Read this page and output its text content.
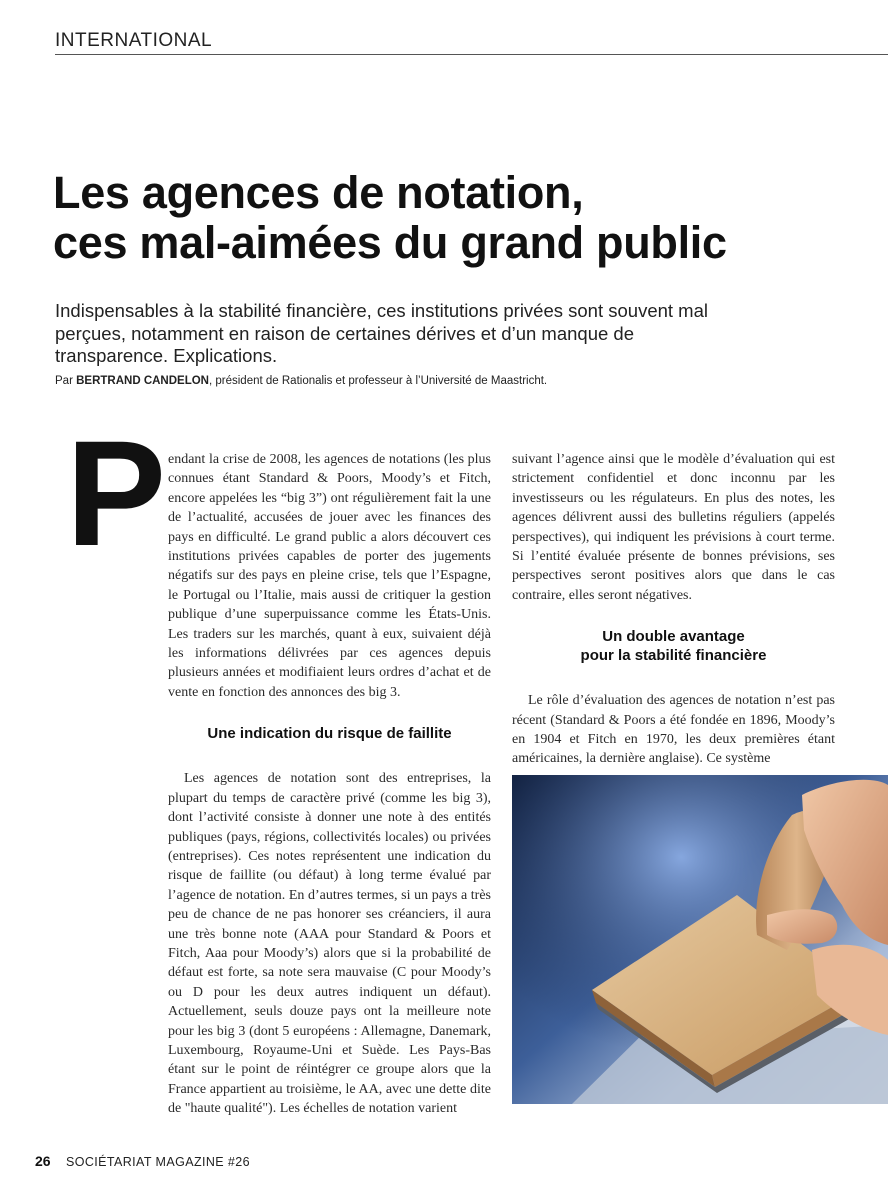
INTERNATIONAL
Les agences de notation,
ces mal-aimées du grand public

Indispensables à la stabilité financière, ces institutions privées sont souvent mal perçues, notamment en raison de certaines dérives et d’un manque de transparence. Explications.

Par BERTRAND CANDELON, président de Rationalis et professeur à l’Université de Maastricht.
P endant la crise de 2008, les agences de notations (les plus connues étant Standard & Poors, Moody’s et Fitch, encore appelées les “big 3”) ont régulièrement fait la une de l’actualité, accusées de jouer avec les finances des pays en difficulté. Le grand public a alors découvert ces institutions privées capables de porter des jugements négatifs sur des pays en pleine crise, tels que l’Espagne, le Portugal ou l’Italie, mais aussi de critiquer la gestion publique d’une superpuissance comme les États-Unis. Les traders sur les marchés, quant à eux, suivaient déjà les informations délivrées par ces agences depuis plusieurs années et modifiaient leurs ordres d’achat et de vente en fonction des annonces des big 3.

Une indication du risque de faillite

Les agences de notation sont des entreprises, la plupart du temps de caractère privé (comme les big 3), dont l’activité consiste à donner une note à des entités publiques (pays, régions, collectivités locales) ou privées (entreprises). Ces notes représentent une indication du risque de faillite (ou défaut) à long terme évalué par l’agence de notation. En d’autres termes, si un pays a très peu de chance de ne pas honorer ses créanciers, il aura une très bonne note (AAA pour Standard & Poors et Fitch, Aaa pour Moody’s) alors que si la probabilité de défaut est forte, sa note sera mauvaise (C pour Moody’s ou D pour les deux autres indiquent un défaut). Actuellement, seuls douze pays ont la meilleure note pour les big 3 (dont 5 européens : Allemagne, Danemark, Luxembourg, Royaume-Uni et Suède. Les Pays-Bas étant sur le point de réintégrer ce groupe alors que la France appartient au troisième, le AA, avec une dette dite de "haute qualité"). Les échelles de notation varient

suivant l’agence ainsi que le modèle d’évaluation qui est strictement confidentiel et donc inconnu par les investisseurs ou les régulateurs. En plus des notes, les agences délivrent aussi des bulletins réguliers (appelés perspectives), qui indiquent les prévisions à court terme. Si l’entité évaluée présente de bonnes prévisions, ses perspectives seront positives alors que dans le cas contraire, elles seront négatives.

Un double avantage
pour la stabilité financière

Le rôle d’évaluation des agences de notation n’est pas récent (Standard & Poors a été fondée en 1896, Moody’s en 1904 et Fitch en 1970, les deux premières étant américaines, la dernière anglaise). Ce système

26 SOCIÉTARIAT MAGAZINE #26
